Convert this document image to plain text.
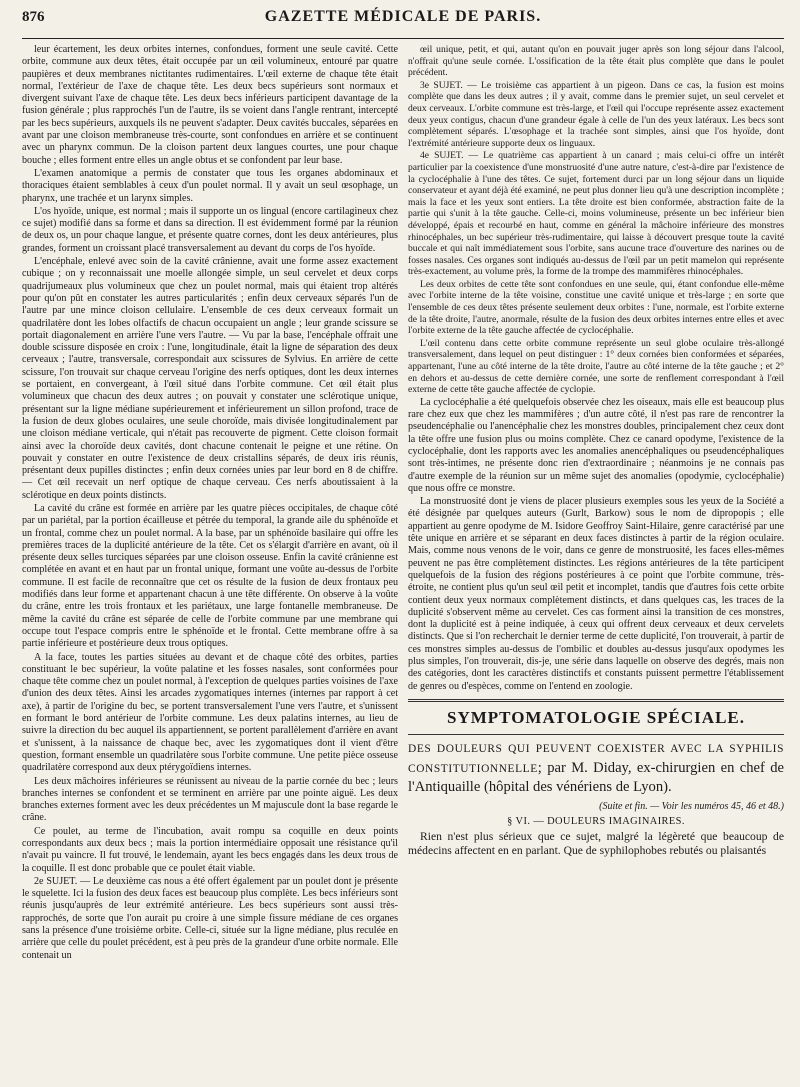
876	GAZETTE MÉDICALE DE PARIS.

leur écartement, les deux orbites internes, confondues, forment une seule cavité. Cette orbite, commune aux deux têtes, était occupée par un œil volumineux, entouré par quatre paupières et deux membranes nictitantes rudimentaires. L'œil externe de chaque tête était normal, l'extérieur de l'axe de chaque tête. Les deux becs supérieurs sont normaux et divergent suivant l'axe de chaque tête. Les deux becs inférieurs participent davantage de la fusion générale ; plus rapprochés l'un de l'autre, ils se voient dans l'angle rentrant, intercepté par les becs supérieurs, auxquels ils ne peuvent s'adapter. Deux cavités buccales, séparées en avant par une cloison membraneuse très-courte, sont confondues en arrière et se continuent avec un pharynx commun. De la cloison partent deux langues courtes, une pour chaque bouche ; elles forment entre elles un angle obtus et se confondent par leur base.

L'examen anatomique a permis de constater que tous les organes abdominaux et thoraciques étaient semblables à ceux d'un poulet normal. Il y avait un seul œsophage, un pharynx, une trachée et un larynx simples.

L'os hyoïde, unique, est normal ; mais il supporte un os lingual (encore cartilagineux chez ce sujet) modifié dans sa forme et dans sa direction. Il est évidemment formé par la réunion de deux os, un pour chaque langue, et présente quatre cornes, dont les deux antérieures, plus grandes, forment un croissant placé transversalement au devant du corps de l'os hyoïde.

L'encéphale, enlevé avec soin de la cavité crânienne, avait une forme assez exactement cubique ; on y reconnaissait une moelle allongée simple, un seul cervelet et deux corps quadrijumeaux plus volumineux que chez un poulet normal, mais qui étaient trop altérés pour qu'on pût en constater les autres particularités ; enfin deux cerveaux séparés l'un de l'autre par une mince cloison cellulaire. L'ensemble de ces deux cerveaux formait un quadrilatère dont les lobes olfactifs de chacun occupaient un angle ; leur grande scissure se portait diagonalement en arrière l'une vers l'autre. — Vu par la base, l'encéphale offrait une double scissure disposée en croix : l'une, longitudinale, était la ligne de séparation des deux cerveaux ; l'autre, transversale, correspondait aux scissures de Sylvius. En arrière de cette scissure, l'on trouvait sur chaque cerveau l'origine des nerfs optiques, dont les deux internes se portaient, en convergeant, à l'œil situé dans l'orbite commune. Cet œil était plus volumineux que chacun des deux autres ; on pouvait y constater une sclérotique unique, présentant sur la ligne médiane supérieurement et inférieurement un sillon profond, trace de la fusion de deux globes oculaires, une seule choroïde, mais divisée longitudinalement par une cloison médiane verticale, qui n'était pas recouverte de pigment. Cette cloison formait ainsi avec la choroïde deux cavités, dont chacune contenait le peigne et une rétine. On pouvait y constater en outre l'existence de deux cristallins séparés, de deux iris réunis, présentant deux pupilles distinctes ; enfin deux cornées unies par leur bord en 8 de chiffre. — Cet œil recevait un nerf optique de chaque cerveau. Ces nerfs aboutissaient à la sclérotique en deux points distincts.

La cavité du crâne est formée en arrière par les quatre pièces occipitales, de chaque côté par un pariétal, par la portion écailleuse et pétrée du temporal, la grande aile du sphénoïde et un frontal, comme chez un poulet normal. A la base, par un sphénoïde basilaire qui offre les premières traces de la duplicité antérieure de la tête. Cet os s'élargit d'arrière en avant, où il présente deux selles turciques séparées par une cloison osseuse. Enfin la cavité crânienne est complétée en avant et en haut par un frontal unique, formant une voûte au-dessus de l'orbite commune. Il est facile de reconnaître que cet os résulte de la fusion de deux frontaux peu modifiés dans leur forme et appartenant chacun à une tête différente. On observe à la voûte du crâne, entre les trois frontaux et les pariétaux, une large fontanelle membraneuse. De même la cavité du crâne est séparée de celle de l'orbite commune par une membrane qui occupe tout l'espace compris entre le sphénoïde et le frontal. Cette membrane offre à sa partie inférieure et postérieure deux trous optiques.

A la face, toutes les parties situées au devant et de chaque côté des orbites, parties constituant le bec supérieur, la voûte palatine et les fosses nasales, sont conformées pour chaque tête comme chez un poulet normal, à l'exception de quelques parties voisines de l'axe d'union des deux têtes. Ainsi les arcades zygomatiques internes (internes par rapport à cet axe), à partir de l'origine du bec, se portent transversalement l'une vers l'autre, et s'unissent en formant le bord antérieur de l'orbite commune. Les deux palatins internes, au lieu de suivre la direction du bec auquel ils appartiennent, se portent parallèlement d'arrière en avant et s'unissent, à la naissance de chaque bec, avec les zygomatiques dont il vient d'être question, formant ensemble un quadrilatère sous l'orbite commune. Une petite pièce osseuse quadrilatère correspond aux deux ptérygoïdiens internes.

Les deux mâchoires inférieures se réunissent au niveau de la partie cornée du bec ; leurs branches internes se confondent et se terminent en arrière par une pointe aiguë. Les deux branches externes forment avec les deux précédentes un M majuscule dont la base regarde le crâne.

Ce poulet, au terme de l'incubation, avait rompu sa coquille en deux points correspondants aux deux becs ; mais la portion intermédiaire opposait une résistance qu'il n'avait pu vaincre. Il fut trouvé, le lendemain, ayant les becs engagés dans les deux trous de la coquille. Il est donc probable que ce poulet était viable.

2e SUJET. — Le deuxième cas nous a été offert également par un poulet dont je présente le squelette. Ici la fusion des deux faces est beaucoup plus complète. Les becs inférieurs sont réunis jusqu'auprès de leur extrémité antérieure. Les becs supérieurs sont aussi très-rapprochés, de sorte que l'on aurait pu croire à une simple fissure médiane de ces organes sans la présence d'une troisième orbite. Celle-ci, située sur la ligne médiane, plus reculée en arrière que celle du poulet précédent, est à peu près de la grandeur d'une orbite normale. Elle contenait un

œil unique, petit, et qui, autant qu'on en pouvait juger après son long séjour dans l'alcool, n'offrait qu'une seule cornée. L'ossification de la tête était plus complète que dans le poulet précédent.

3e SUJET. — Le troisième cas appartient à un pigeon. Dans ce cas, la fusion est moins complète que dans les deux autres ; il y avait, comme dans le premier sujet, un seul cervelet et deux cerveaux. L'orbite commune est très-large, et l'œil qui l'occupe représente assez exactement deux yeux contigus, chacun d'une grandeur égale à celle de l'un des yeux latéraux. Les becs sont complètement séparés. L'œsophage et la trachée sont simples, ainsi que l'os hyoïde, dont l'extrémité antérieure supporte deux os linguaux.

4e SUJET. — Le quatrième cas appartient à un canard ; mais celui-ci offre un intérêt particulier par la coexistence d'une monstruosité d'une autre nature, c'est-à-dire par l'existence de la cyclocéphalie à l'une des têtes. Ce sujet, fortement durci par un long séjour dans un liquide conservateur et ayant déjà été examiné, ne peut plus donner lieu qu'à une description incomplète ; mais la face et les yeux sont entiers. La tête droite est bien conformée, abstraction faite de la partie qui s'unit à la tête gauche. Celle-ci, moins volumineuse, présente un bec inférieur bien développé, épais et recourbé en haut, comme en général la mâchoire inférieure des monstres rhinocéphales, un bec supérieur très-rudimentaire, qui laisse à découvert presque toute la cavité buccale et qui naît immédiatement sous l'orbite, sans aucune trace d'ouverture des narines ou de fosses nasales. Ces organes sont indiqués au-dessus de l'œil par un petit mamelon qui représente très-exactement, au volume près, la forme de la trompe des mammifères rhinocéphales.

Les deux orbites de cette tête sont confondues en une seule, qui, étant confondue elle-même avec l'orbite interne de la tête voisine, constitue une cavité unique et très-large ; en sorte que l'ensemble de ces deux têtes présente seulement deux orbites : l'une, normale, est l'orbite externe de la tête droite, l'autre, anormale, résulte de la fusion des deux orbites internes entre elles et avec l'orbite externe de la tête gauche affectée de cyclocéphalie.

L'œil contenu dans cette orbite commune représente un seul globe oculaire très-allongé transversalement, dans lequel on peut distinguer : 1° deux cornées bien conformées et séparées, appartenant, l'une au côté interne de la tête droite, l'autre au côté interne de la tête gauche ; et 2° en dehors et au-dessus de cette dernière cornée, une sorte de renflement correspondant à l'œil externe de cette tête gauche affectée de cyclopie.

La cyclocéphalie a été quelquefois observée chez les oiseaux, mais elle est beaucoup plus rare chez eux que chez les mammifères ; d'un autre côté, il n'est pas rare de rencontrer la pseudencéphalie ou l'anencéphalie chez les monstres doubles, principalement chez ceux dont la tête offre une fusion plus ou moins complète. Chez ce canard opodyme, l'existence de la cyclocéphalie, dont les rapports avec les anomalies anencéphaliques ou pseudencéphaliques sont très-intimes, ne présente donc rien d'extraordinaire ; néanmoins je ne connais pas d'autre exemple de la réunion sur un même sujet des anomalies (opodymie, cyclocéphalie) que nous offre ce monstre.

La monstruosité dont je viens de placer plusieurs exemples sous les yeux de la Société a été désignée par quelques auteurs (Gurlt, Barkow) sous le nom de dipropopis ; elle appartient au genre opodyme de M. Isidore Geoffroy Saint-Hilaire, genre caractérisé par une tête unique en arrière et se séparant en deux faces distinctes à partir de la région oculaire. Mais, comme nous venons de le voir, dans ce genre de monstruosité, les faces elles-mêmes peuvent ne pas être complètement distinctes. Les régions antérieures de la tête participent quelquefois de la fusion des régions postérieures à ce point que l'orbite commune, très-étroite, ne contient plus qu'un seul œil petit et incomplet, tandis que d'autres fois cette orbite contient deux yeux normaux complètement distincts, et dans quelques cas, les traces de la duplicité s'observent même au cervelet. Ces cas forment ainsi la transition de ces monstres, dont la duplicité est à peine indiquée, à ceux qui offrent deux cerveaux et deux cervelets distincts. Que si l'on recherchait le dernier terme de cette duplicité, l'on trouverait, à partir de ces monstres simples au-dessus de l'ombilic et doubles au-dessus jusqu'aux opodymes les plus simples, l'on trouverait, dis-je, une série dans laquelle on observe des degrés, mais non des catégories, dont les caractères distinctifs et constants puissent permettre l'établissement de genres ou d'espèces, comme on l'entend en zoologie.

SYMPTOMATOLOGIE SPÉCIALE.
DES DOULEURS QUI PEUVENT COEXISTER AVEC LA SYPHILIS CONSTITUTIONNELLE; par M. Diday, ex-chirurgien en chef de l'Antiquaille (hôpital des vénériens de Lyon).
(Suite et fin. — Voir les numéros 45, 46 et 48.)
§ VI. — DOULEURS IMAGINAIRES.

Rien n'est plus sérieux que ce sujet, malgré la légèreté que beaucoup de médecins affectent en en parlant. Que de syphilophobes rebutés ou plaisantés
